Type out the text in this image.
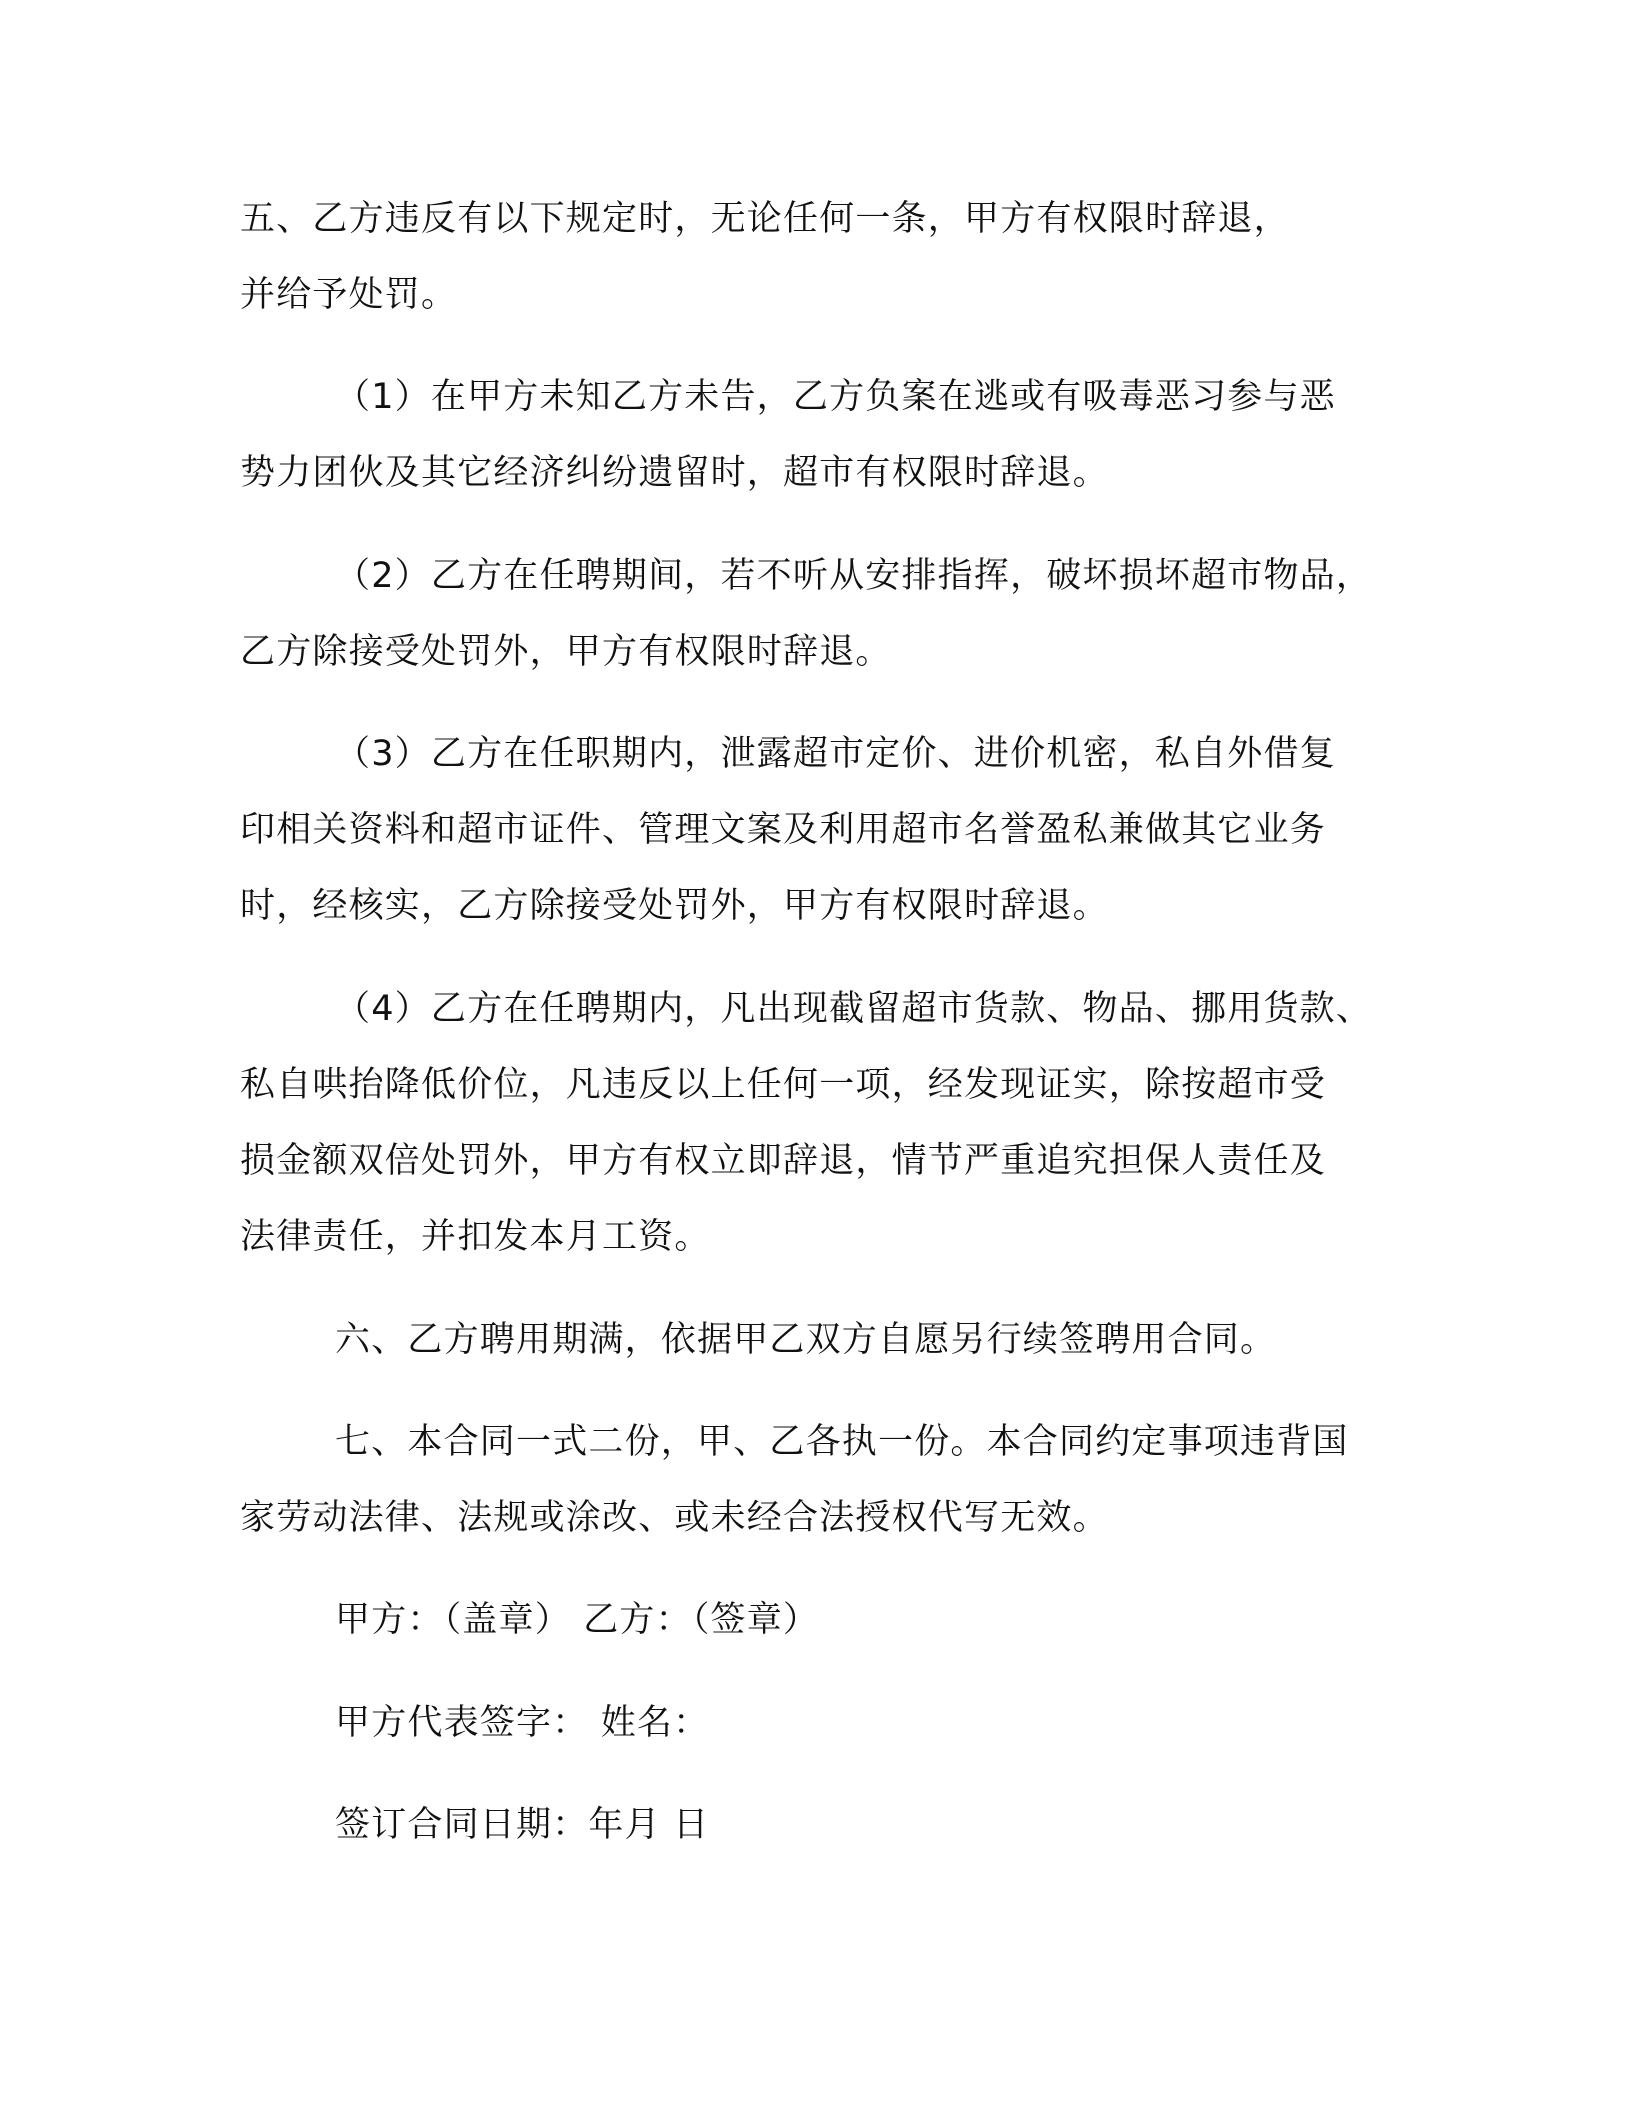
五、乙方违反有以下规定时，无论任何一条，甲方有权限时辞退，

并给予处罚。

（1）在甲方未知乙方未告，乙方负案在逃或有吸毒恶习参与恶

势力团伙及其它经济纠纷遗留时，超市有权限时辞退。

（2）乙方在任聘期间，若不听从安排指挥，破坏损坏超市物品，

乙方除接受处罚外，甲方有权限时辞退。

（3）乙方在任职期内，泄露超市定价、进价机密，私自外借复

印相关资料和超市证件、管理文案及利用超市名誉盈私兼做其它业务

时，经核实，乙方除接受处罚外，甲方有权限时辞退。

（4）乙方在任聘期内，凡出现截留超市货款、物品、挪用货款、

私自哄抬降低价位，凡违反以上任何一项，经发现证实，除按超市受

损金额双倍处罚外，甲方有权立即辞退，情节严重追究担保人责任及

法律责任，并扣发本月工资。

六、乙方聘用期满，依据甲乙双方自愿另行续签聘用合同。

七、本合同一式二份，甲、乙各执一份。本合同约定事项违背国

家劳动法律、法规或涂改、或未经合法授权代写无效。

甲方：（盖章） 乙方：（签章）

甲方代表签字： 姓名：

签订合同日期：年月 日
